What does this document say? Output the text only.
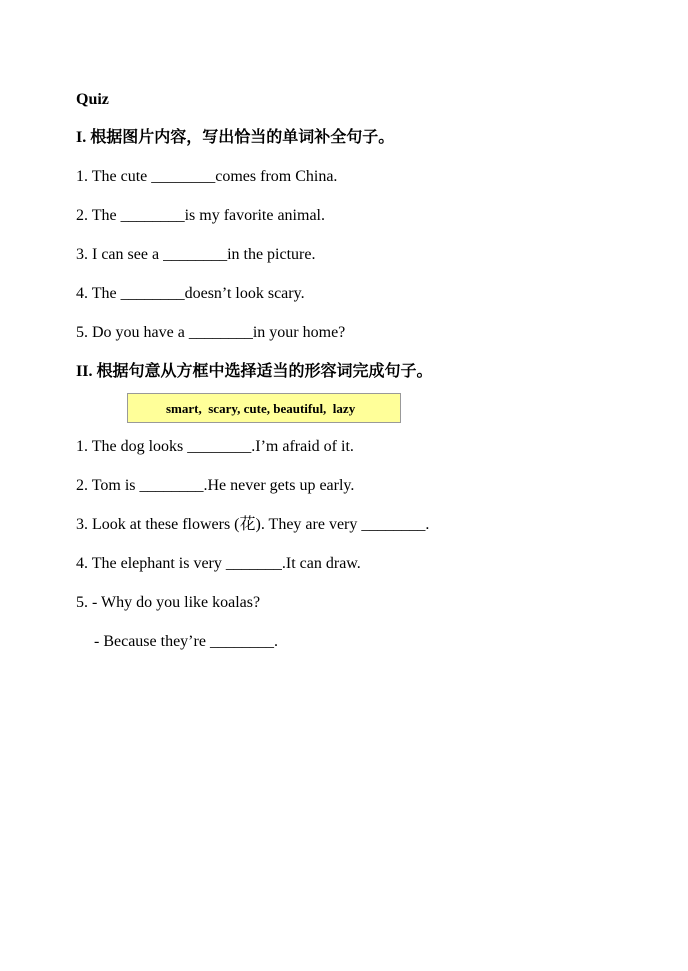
Quiz
I. 根据图片内容，写出恰当的单词补全句子。
1. The cute ________comes from China.
2. The ________is my favorite animal.
3. I can see a ________in the picture.
4. The ________doesn’t look scary.
5. Do you have a ________in your home?
II. 根据句意从方框中选择适当的形容词完成句子。
smart,  scary, cute, beautiful,  lazy
1. The dog looks ________.I’m afraid of it.
2. Tom is ________.He never gets up early.
3. Look at these flowers (花). They are very ________.
4. The elephant is very _______.It can draw.
5. - Why do you like koalas?
- Because they’re ________.
